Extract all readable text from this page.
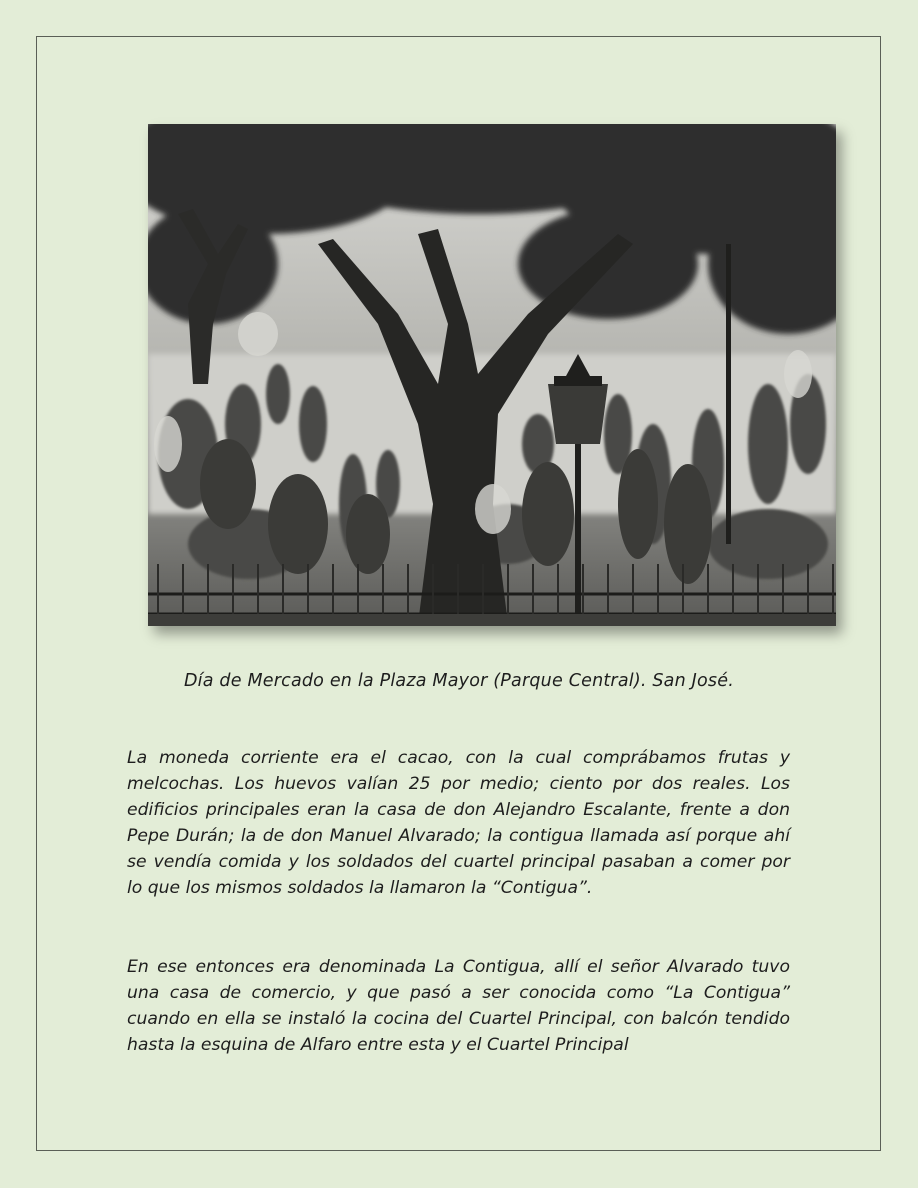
Día de Mercado en la Plaza Mayor (Parque Central). San José.

La moneda corriente era el cacao, con la cual comprábamos frutas y melcochas. Los huevos valían 25 por medio; ciento por dos reales. Los edificios principales eran la casa de don Alejandro Escalante, frente a don Pepe Durán; la de don Manuel Alvarado; la contigua llamada así porque ahí se vendía comida y los soldados del cuartel principal pasaban a comer por lo que los mismos soldados la llamaron la “Contigua”.

En ese entonces era denominada La Contigua, allí el señor Alvarado tuvo una casa de comercio, y que pasó a ser conocida como “La Contigua” cuando en ella se instaló la cocina del Cuartel Principal, con balcón tendido hasta la esquina de Alfaro entre esta y el Cuartel Principal
